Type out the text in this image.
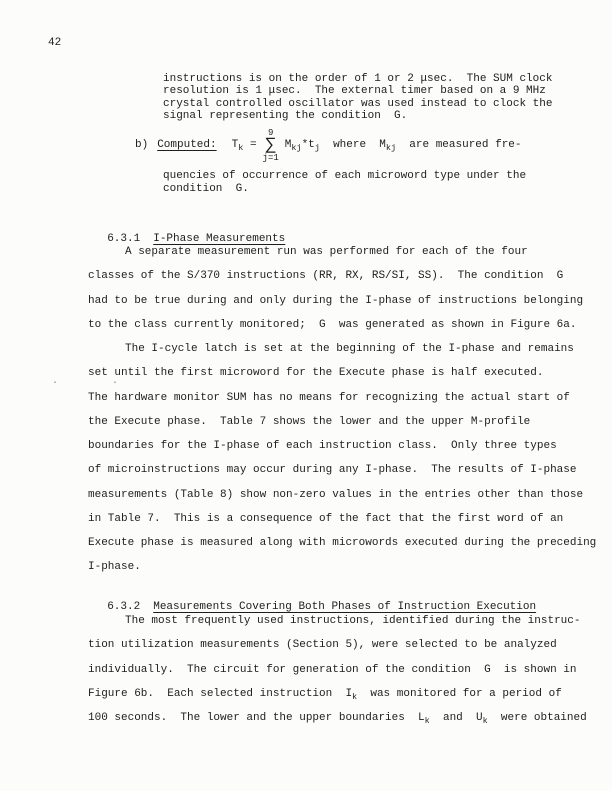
42
instructions is on the order of 1 or 2 μsec.  The SUM clock
resolution is 1 μsec.  The external timer based on a 9 MHz
crystal controlled oscillator was used instead to clock the
signal representing the condition  G.
b) Computed: $T_k$ =
9
∑
j=1
$M_{kj}*t_j$  where  $M_{kj}$  are measured fre-
quencies of occurrence of each microword type under the
condition  G.

6.3.1 I-Phase Measurements

A separate measurement run was performed for each of the four
classes of the S/370 instructions (RR, RX, RS/SI, SS).  The condition  G
had to be true during and only during the I-phase of instructions belonging
to the class currently monitored;  G  was generated as shown in Figure 6a.
·  ·
The I-cycle latch is set at the beginning of the I-phase and remains
set until the first microword for the Execute phase is half executed.
The hardware monitor SUM has no means for recognizing the actual start of
the Execute phase.  Table 7 shows the lower and the upper M-profile
boundaries for the I-phase of each instruction class.  Only three types
of microinstructions may occur during any I-phase.  The results of I-phase
measurements (Table 8) show non-zero values in the entries other than those
in Table 7.  This is a consequence of the fact that the first word of an
Execute phase is measured along with microwords executed during the preceding
I-phase.

6.3.2 Measurements Covering Both Phases of Instruction Execution

The most frequently used instructions, identified during the instruc-
tion utilization measurements (Section 5), were selected to be analyzed
individually.  The circuit for generation of the condition  G  is shown in
Figure 6b.  Each selected instruction  $I_k$  was monitored for a period of
100 seconds.  The lower and the upper boundaries  $L_k$  and  $U_k$  were obtained
